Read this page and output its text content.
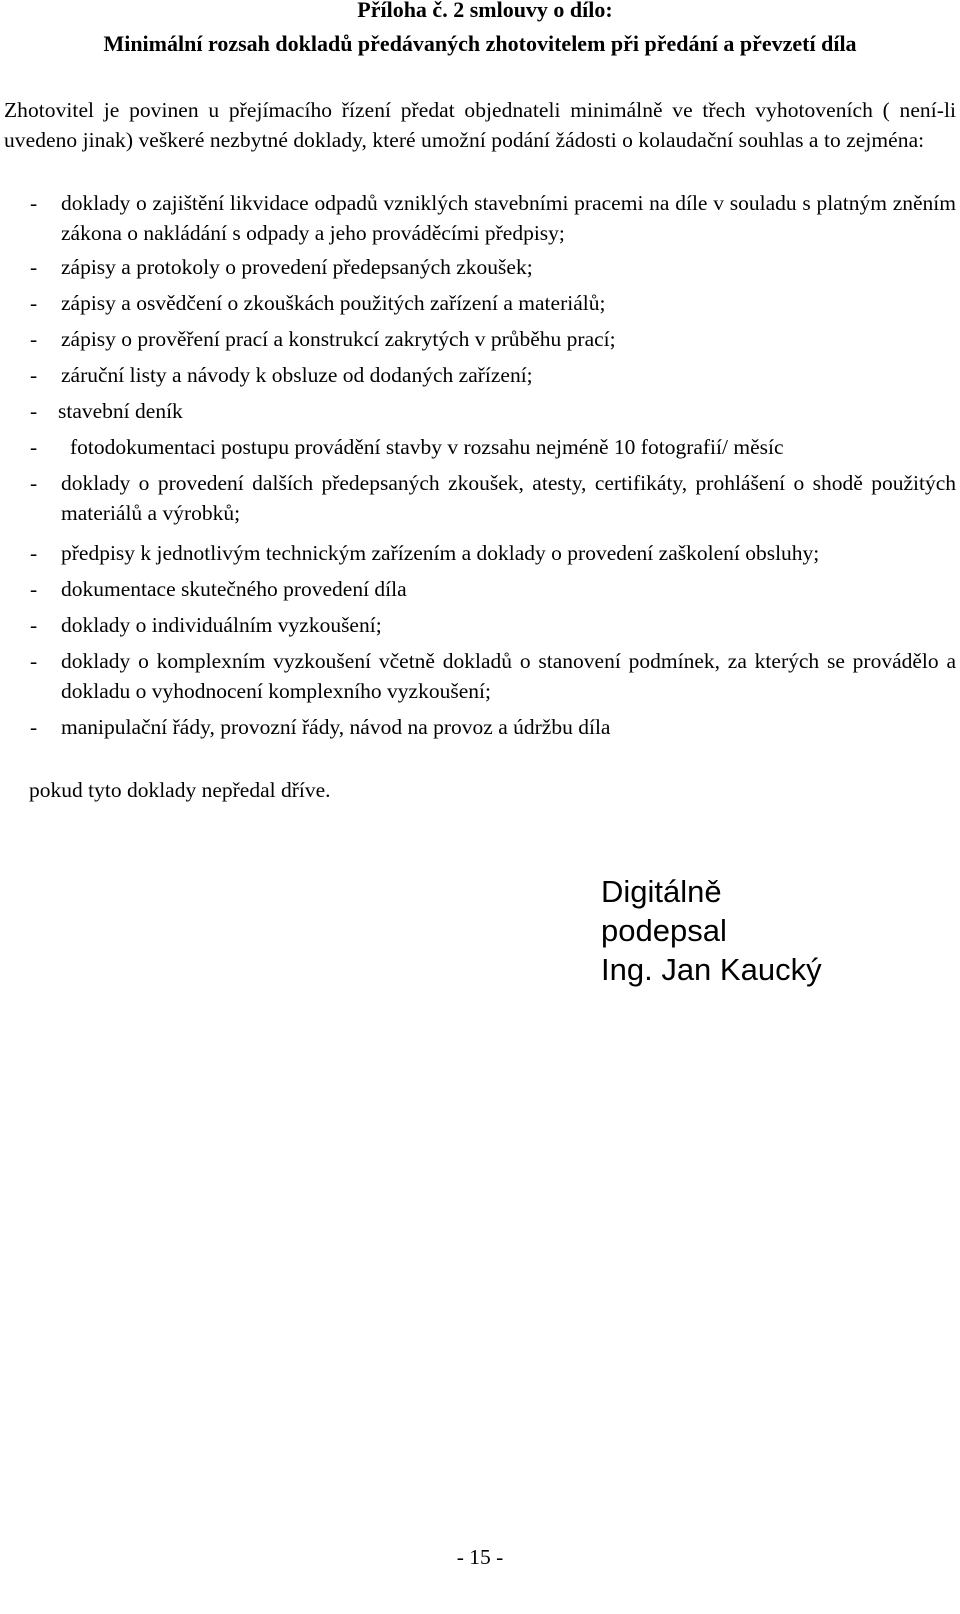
Příloha č. 2 smlouvy o dílo:
Minimální rozsah dokladů předávaných zhotovitelem při předání a převzetí díla
Zhotovitel je povinen u přejímacího řízení předat objednateli minimálně ve třech vyhotoveních ( není-li uvedeno jinak) veškeré nezbytné doklady, které umožní podání žádosti o kolaudační souhlas a to zejména:
- doklady o zajištění likvidace odpadů vzniklých stavebními pracemi na díle v souladu s platným zněním zákona o nakládání s odpady a jeho prováděcími předpisy;
- zápisy a protokoly o provedení předepsaných zkoušek;
- zápisy a osvědčení o zkouškách použitých zařízení a materiálů;
- zápisy o prověření prací a konstrukcí zakrytých v průběhu prací;
- záruční listy a návody k obsluze od dodaných zařízení;
- stavební deník
- fotodokumentaci postupu provádění stavby v rozsahu nejméně 10 fotografií/ měsíc
- doklady o provedení dalších předepsaných zkoušek, atesty, certifikáty, prohlášení o shodě použitých materiálů a výrobků;
- předpisy k jednotlivým technickým zařízením a doklady o provedení zaškolení obsluhy;
- dokumentace skutečného provedení díla
- doklady o individuálním vyzkoušení;
- doklady o komplexním vyzkoušení včetně dokladů o stanovení podmínek, za kterých se provádělo a dokladu o vyhodnocení komplexního vyzkoušení;
- manipulační řády, provozní řády, návod na provoz a údržbu díla
pokud tyto doklady nepředal dříve.
Digitálně
podepsal
Ing. Jan Kaucký
- 15 -
